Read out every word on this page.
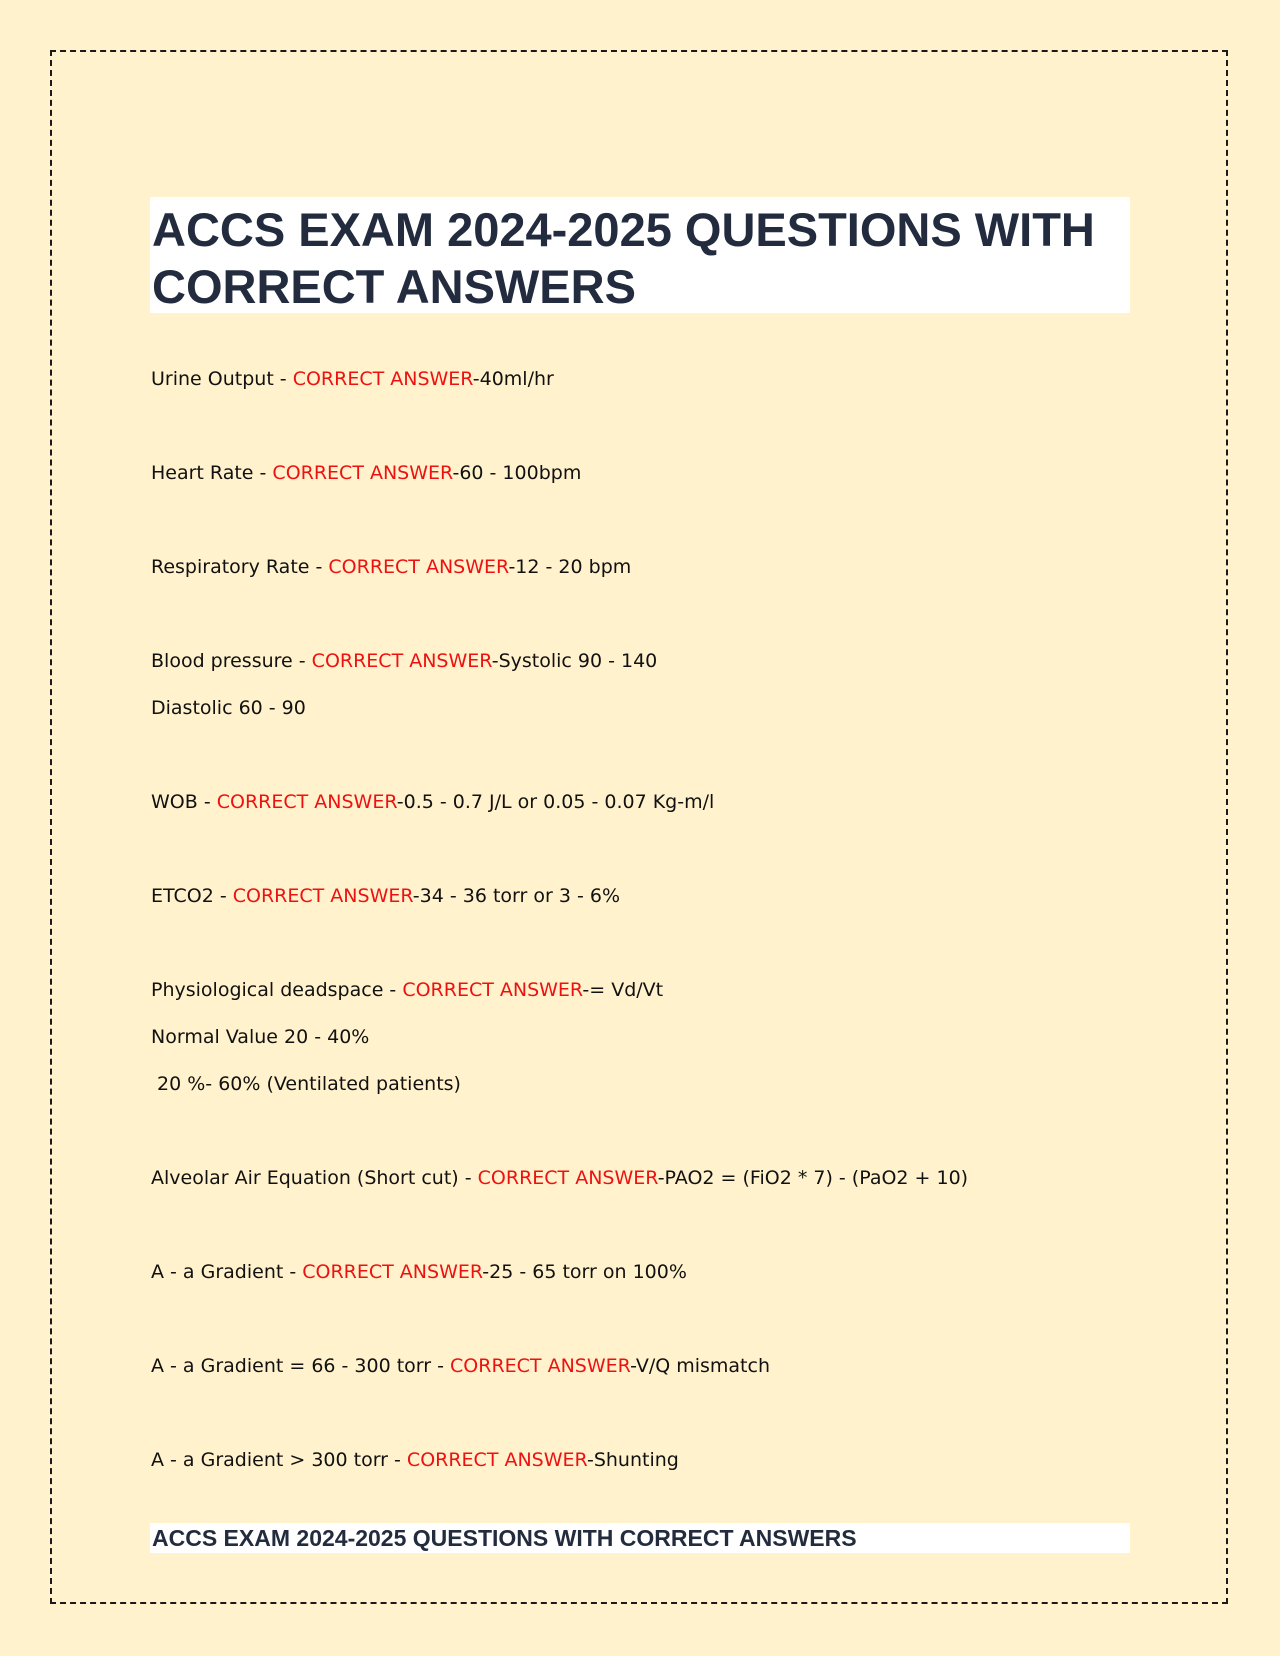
ACCS EXAM 2024-2025 QUESTIONS WITH CORRECT ANSWERS

Urine Output - CORRECT ANSWER-40ml/hr

Heart Rate - CORRECT ANSWER-60 - 100bpm

Respiratory Rate - CORRECT ANSWER-12 - 20 bpm

Blood pressure - CORRECT ANSWER-Systolic 90 - 140

Diastolic 60 - 90

WOB - CORRECT ANSWER-0.5 - 0.7 J/L or 0.05 - 0.07 Kg-m/l

ETCO2 - CORRECT ANSWER-34 - 36 torr or 3 - 6%

Physiological deadspace - CORRECT ANSWER-= Vd/Vt

Normal Value 20 - 40%

20 %- 60% (Ventilated patients)

Alveolar Air Equation (Short cut) - CORRECT ANSWER-PAO2 = (FiO2 * 7) - (PaO2 + 10)

A - a Gradient - CORRECT ANSWER-25 - 65 torr on 100%

A - a Gradient = 66 - 300 torr - CORRECT ANSWER-V/Q mismatch

A - a Gradient > 300 torr - CORRECT ANSWER-Shunting

ACCS EXAM 2024-2025 QUESTIONS WITH CORRECT ANSWERS
